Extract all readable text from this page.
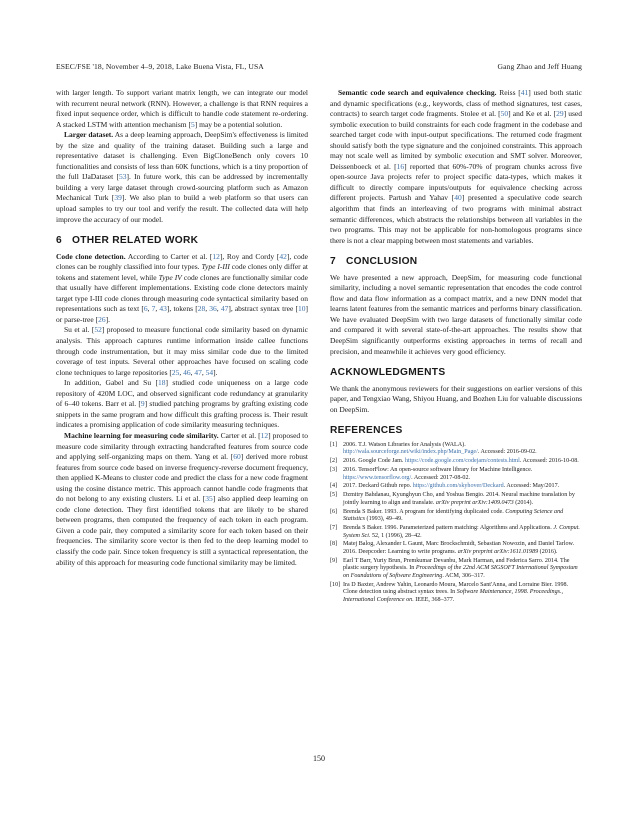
ESEC/FSE '18, November 4–9, 2018, Lake Buena Vista, FL, USA	Gang Zhao and Jeff Huang

with larger length. To support variant matrix length, we can integrate our model with recurrent neural network (RNN). However, a challenge is that RNN requires a fixed input sequence order, which is difficult to handle code statement re-ordering. A stacked LSTM with attention mechanism [5] may be a potential solution.

Larger dataset. As a deep learning approach, DeepSim's effectiveness is limited by the size and quality of the training dataset. Building such a large and representative dataset is challenging. Even BigCloneBench only covers 10 functionalities and consists of less than 60K functions, which is a tiny proportion of the full IJaDataset [53]. In future work, this can be addressed by incrementally building a very large dataset through crowd-sourcing platform such as Amazon Mechanical Turk [39]. We also plan to build a web platform so that users can upload samples to try our tool and verify the result. The collected data will help improve the accuracy of our model.

6 OTHER RELATED WORK

Code clone detection. According to Carter et al. [12], Roy and Cordy [42], code clones can be roughly classified into four types. Type I-III code clones only differ at tokens and statement level, while Type IV code clones are functionally similar code that usually have different implementations. Existing code clone detectors mainly target type I-III code clones through measuring code syntactical similarity based on representations such as text [6, 7, 43], tokens [28, 36, 47], abstract syntax tree [10] or parse-tree [26].

Su et al. [52] proposed to measure functional code similarity based on dynamic analysis. This approach captures runtime information inside callee functions through code instrumentation, but it may miss similar code due to the limited coverage of test inputs. Several other approaches have focused on scaling code clone techniques to large repositories [25, 46, 47, 54].

In addition, Gabel and Su [18] studied code uniqueness on a large code repository of 420M LOC, and observed significant code redundancy at granularity of 6–40 tokens. Barr et al. [9] studied patching programs by grafting existing code snippets in the same program and how difficult this grafting process is. Their result indicates a promising application of code similarity measuring techniques.

Machine learning for measuring code similarity. Carter et al. [12] proposed to measure code similarity through extracting handcrafted features from source code and applying self-organizing maps on them. Yang et al. [60] derived more robust features from source code based on inverse frequency-reverse document frequency, then applied K-Means to cluster code and predict the class for a new code fragment using the cosine distance metric. This approach cannot handle code fragments that do not belong to any existing clusters. Li et al. [35] also applied deep learning on code clone detection. They first identified tokens that are likely to be shared between programs, then computed the frequency of each token in each program. Given a code pair, they computed a similarity score for each token based on their frequencies. The similarity score vector is then fed to the deep learning model to classify the code pair. Since token frequency is still a syntactical representation, the ability of this approach for measuring code functional similarity may be limited.

Semantic code search and equivalence checking. Reiss [41] used both static and dynamic specifications (e.g., keywords, class of method signatures, test cases, contracts) to search target code fragments. Stolee et al. [50] and Ke et al. [29] used symbolic execution to build constraints for each code fragment in the codebase and searched target code with input-output specifications. The returned code fragment should satisfy both the type signature and the conjoined constraints. This approach may not scale well as limited by symbolic execution and SMT solver. Moreover, Deissenboeck et al. [16] reported that 60%-70% of program chunks across five open-source Java projects refer to project specific data-types, which makes it difficult to directly compare inputs/outputs for equivalence checking across different projects. Partush and Yahav [40] presented a speculative code search algorithm that finds an interleaving of two programs with minimal abstract semantic differences, which abstracts the relationships between all variables in the two programs. This may not be applicable for non-homologous programs since there is not a clear mapping between most statements and variables.

7 CONCLUSION

We have presented a new approach, DeepSim, for measuring code functional similarity, including a novel semantic representation that encodes the code control flow and data flow information as a compact matrix, and a new DNN model that learns latent features from the semantic matrices and performs binary classification. We have evaluated DeepSim with two large datasets of functionally similar code and compared it with several state-of-the-art approaches. The results show that DeepSim significantly outperforms existing approaches in terms of recall and precision, and meanwhile it achieves very good efficiency.

ACKNOWLEDGMENTS

We thank the anonymous reviewers for their suggestions on earlier versions of this paper, and Tengxiao Wang, Shiyou Huang, and Bozhen Liu for valuable discussions on DeepSim.

REFERENCES
[1] 2006. T.J. Watson Libraries for Analysis (WALA). http://wala.sourceforge.net/wiki/index.php/Main_Page/. Accessed: 2016-09-02.
[2] 2016. Google Code Jam. https://code.google.com/codejam/contests.html. Accessed: 2016-10-08.
[3] 2016. TensorFlow: An open-source software library for Machine Intelligence. https://www.tensorflow.org/. Accessed: 2017-08-02.
[4] 2017. Deckard Github repo. https://github.com/skyhover/Deckard. Accessed: May/2017.
[5] Dzmitry Bahdanau, Kyunghyun Cho, and Yoshua Bengio. 2014. Neural machine translation by jointly learning to align and translate. arXiv preprint arXiv:1409.0473 (2014).
[6] Brenda S Baker. 1993. A program for identifying duplicated code. Computing Science and Statistics (1993), 49–49.
[7] Brenda S Baker. 1996. Parameterized pattern matching: Algorithms and Applications. J. Comput. System Sci. 52, 1 (1996), 28–42.
[8] Matej Balog, Alexander L Gaunt, Marc Brockschmidt, Sebastian Nowozin, and Daniel Tarlow. 2016. Deepcoder: Learning to write programs. arXiv preprint arXiv:1611.01989 (2016).
[9] Earl T Barr, Yuriy Brun, Premkumar Devanbu, Mark Harman, and Federica Sarro. 2014. The plastic surgery hypothesis. In Proceedings of the 22nd ACM SIGSOFT International Symposium on Foundations of Software Engineering. ACM, 306–317.
[10] Ira D Baxter, Andrew Yahin, Leonardo Moura, Marcelo Sant'Anna, and Lorraine Bier. 1998. Clone detection using abstract syntax trees. In Software Maintenance, 1998. Proceedings., International Conference on. IEEE, 368–377.
150
